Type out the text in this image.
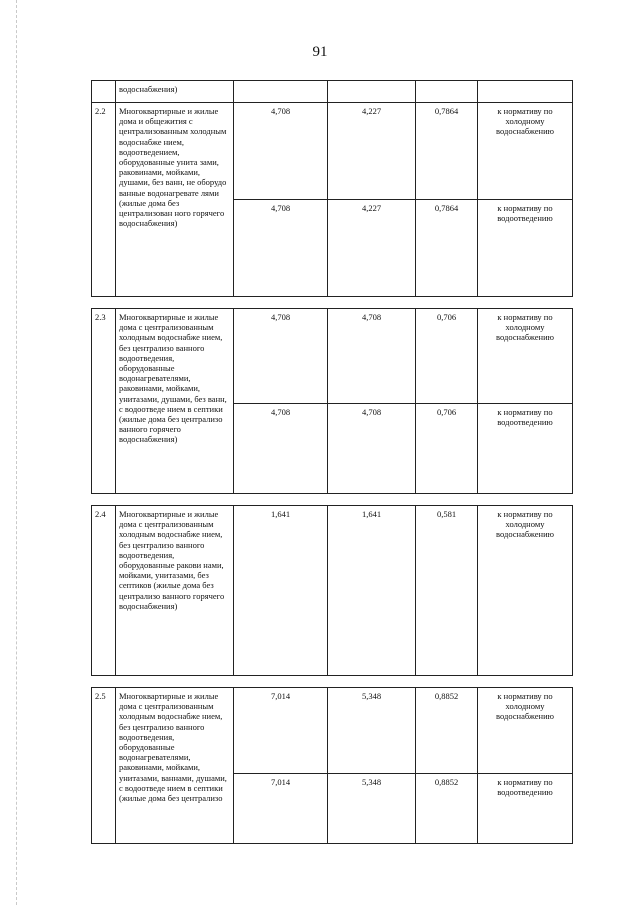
91
	водоснабжения)				
2.2	Многоквартирные и жилые дома и общежития с централизованным холодным водоснабже нием, водоотведением, оборудованные унита зами, раковинами, мойками, душами, без ванн, не оборудо ванные водонагревате лями (жилые дома без централизован ного горячего водоснабжения)	4,708	4,227	0,7864	к нормативу по холодному водоснабжению
		4,708	4,227	0,7864	к нормативу по водоотведению

2.3	Многоквартирные и жилые дома с централизованным холодным водоснабже нием, без централизо ванного водоотведения, оборудованные водонагревателями, раковинами, мойками, унитазами, душами, без ванн, с водоотведе нием в септики (жилые дома без централизо ванного горячего водоснабжения)	4,708	4,708	0,706	к нормативу по холодному водоснабжению
		4,708	4,708	0,706	к нормативу по водоотведению

2.4	Многоквартирные и жилые дома с централизованным холодным водоснабже нием, без централизо ванного водоотведения, оборудованные ракови нами, мойками, унитазами, без септиков (жилые дома без централизо ванного горячего водоснабжения)	1,641	1,641	0,581	к нормативу по холодному водоснабжению

2.5	Многоквартирные и жилые дома с централизованным холодным водоснабже нием, без централизо ванного водоотведения, оборудованные водонагревателями, раковинами, мойками, унитазами, ваннами, душами, с водоотведе нием в септики (жилые дома без централизо	7,014	5,348	0,8852	к нормативу по холодному водоснабжению
		7,014	5,348	0,8852	к нормативу по водоотведению
